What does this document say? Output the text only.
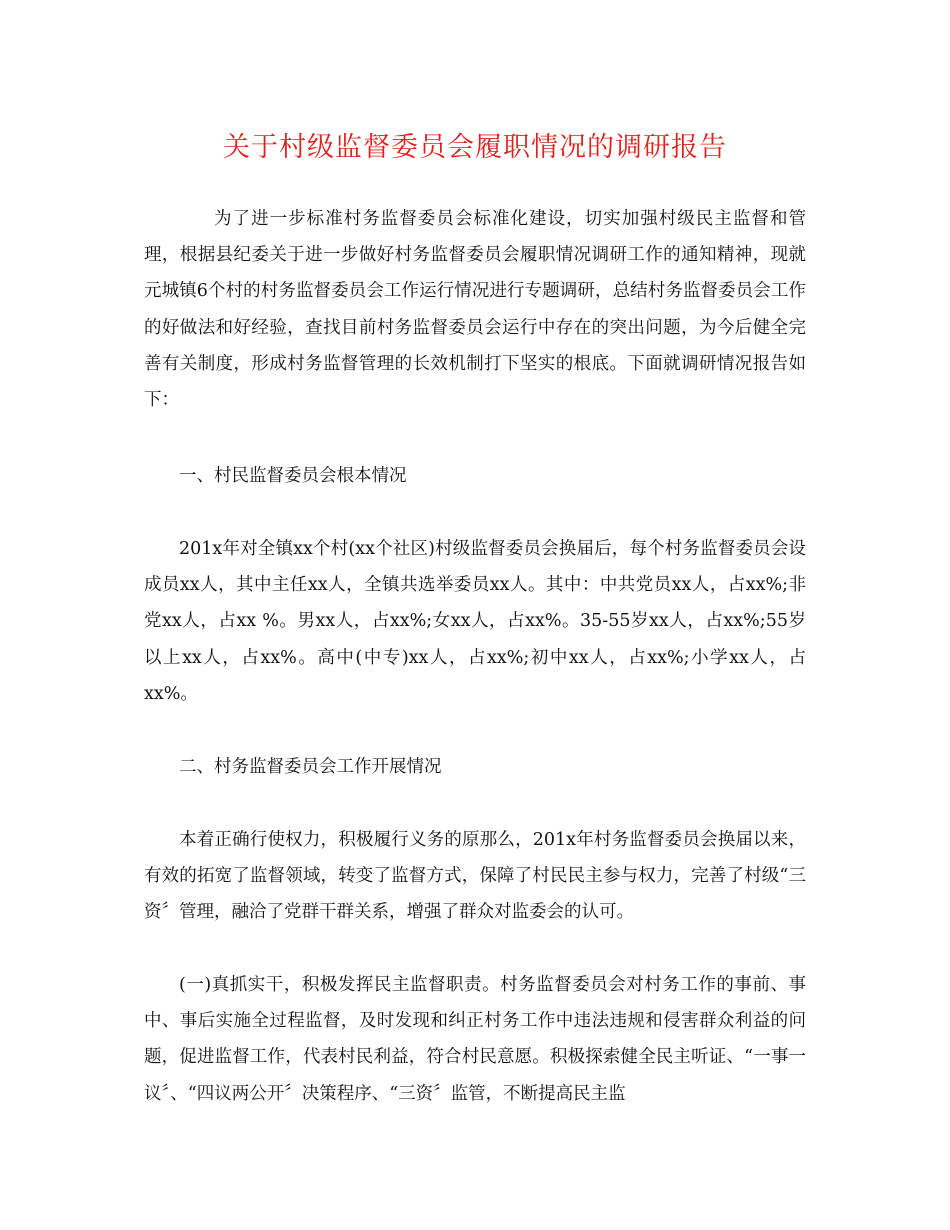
关于村级监督委员会履职情况的调研报告

为了进一步标准村务监督委员会标准化建设，切实加强村级民主监督和管理，根据县纪委关于进一步做好村务监督委员会履职情况调研工作的通知精神，现就元城镇6个村的村务监督委员会工作运行情况进行专题调研，总结村务监督委员会工作的好做法和好经验，查找目前村务监督委员会运行中存在的突出问题，为今后健全完善有关制度，形成村务监督管理的长效机制打下坚实的根底。下面就调研情况报告如下：

一、村民监督委员会根本情况

201x年对全镇xx个村(xx个社区)村级监督委员会换届后，每个村务监督委员会设成员xx人，其中主任xx人，全镇共选举委员xx人。其中：中共党员xx人，占xx%;非党xx人，占xx %。男xx人，占xx%;女xx人，占xx%。35-55岁xx人，占xx%;55岁以上xx人，占xx%。高中(中专)xx人，占xx%;初中xx人，占xx%;小学xx人，占xx%。

二、村务监督委员会工作开展情况

本着正确行使权力，积极履行义务的原那么，201x年村务监督委员会换届以来，有效的拓宽了监督领域，转变了监督方式，保障了村民民主参与权力，完善了村级“三资〞管理，融洽了党群干群关系，增强了群众对监委会的认可。

(一)真抓实干，积极发挥民主监督职责。村务监督委员会对村务工作的事前、事中、事后实施全过程监督，及时发现和纠正村务工作中违法违规和侵害群众利益的问题，促进监督工作，代表村民利益，符合村民意愿。积极探索健全民主听证、“一事一议〞、“四议两公开〞决策程序、“三资〞监管，不断提高民主监
